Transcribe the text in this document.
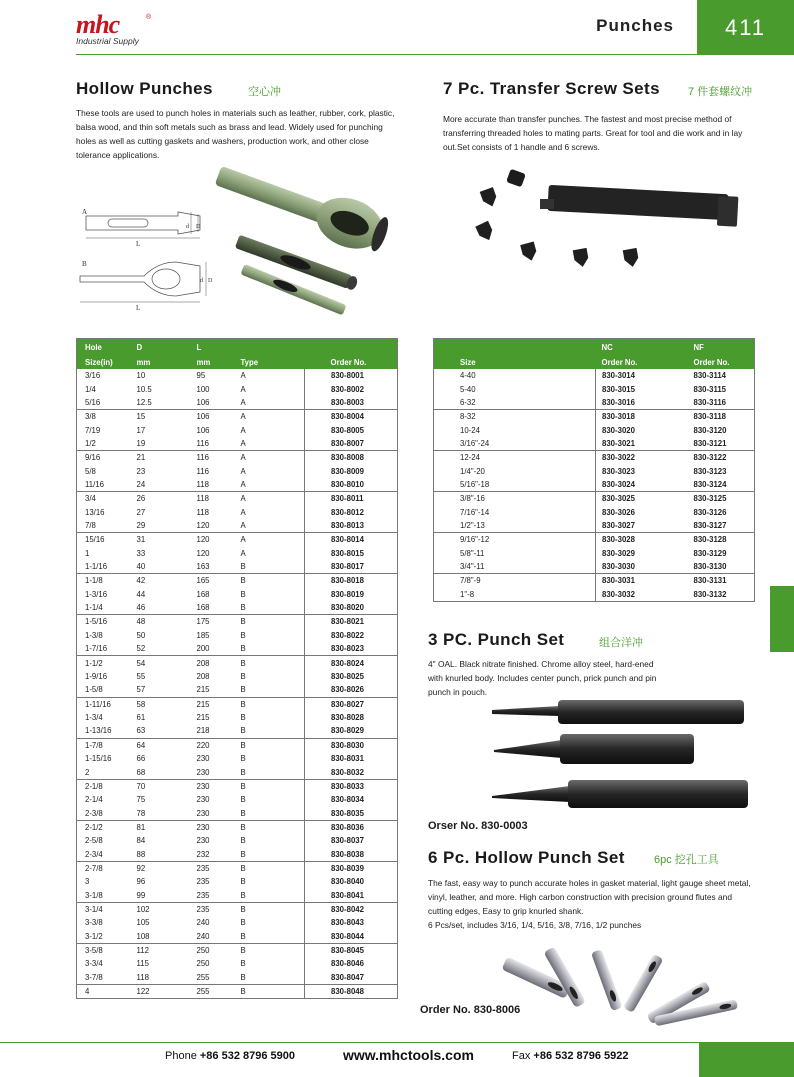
mhc
Industrial Supply
®	Punches	411
Hollow Punches	空心冲

These tools are used to punch holes in materials such as leather, rubber, cork, plastic, balsa wood, and thin soft metals such as brass and lead. Widely used for punching holes as well as cutting gaskets and washers, production work, and other close tolerance applications.

A
L
d D
B
L
D
d
Hole	D	L		
Size(in)	mm	mm	Type	Order No.
3/16	10	95	A	830-8001
1/4	10.5	100	A	830-8002
5/16	12.5	106	A	830-8003
3/8	15	106	A	830-8004
7/19	17	106	A	830-8005
1/2	19	116	A	830-8007
9/16	21	116	A	830-8008
5/8	23	116	A	830-8009
11/16	24	118	A	830-8010
3/4	26	118	A	830-8011
13/16	27	118	A	830-8012
7/8	29	120	A	830-8013
15/16	31	120	A	830-8014
1	33	120	A	830-8015
1-1/16	40	163	B	830-8017
1-1/8	42	165	B	830-8018
1-3/16	44	168	B	830-8019
1-1/4	46	168	B	830-8020
1-5/16	48	175	B	830-8021
1-3/8	50	185	B	830-8022
1-7/16	52	200	B	830-8023
1-1/2	54	208	B	830-8024
1-9/16	55	208	B	830-8025
1-5/8	57	215	B	830-8026
1-11/16	58	215	B	830-8027
1-3/4	61	215	B	830-8028
1-13/16	63	218	B	830-8029
1-7/8	64	220	B	830-8030
1-15/16	66	230	B	830-8031
2	68	230	B	830-8032
2-1/8	70	230	B	830-8033
2-1/4	75	230	B	830-8034
2-3/8	78	230	B	830-8035
2-1/2	81	230	B	830-8036
2-5/8	84	230	B	830-8037
2-3/4	88	232	B	830-8038
2-7/8	92	235	B	830-8039
3	96	235	B	830-8040
3-1/8	99	235	B	830-8041
3-1/4	102	235	B	830-8042
3-3/8	105	240	B	830-8043
3-1/2	108	240	B	830-8044
3-5/8	112	250	B	830-8045
3-3/4	115	250	B	830-8046
3-7/8	118	255	B	830-8047
4	122	255	B	830-8048
7 Pc. Transfer Screw Sets	7 件套螺纹冲

More accurate than transfer punches. The fastest and most precise method of transferring threaded holes to mating parts. Great for tool and die work and in lay out.Set consists of 1 handle and 6 screws.

	NC	NF
Size	Order No.	Order No.
4-40	830-3014	830-3114
5-40	830-3015	830-3115
6-32	830-3016	830-3116
8-32	830-3018	830-3118
10-24	830-3020	830-3120
3/16"-24	830-3021	830-3121
12-24	830-3022	830-3122
1/4"-20	830-3023	830-3123
5/16"-18	830-3024	830-3124
3/8"-16	830-3025	830-3125
7/16"-14	830-3026	830-3126
1/2"-13	830-3027	830-3127
9/16"-12	830-3028	830-3128
5/8"-11	830-3029	830-3129
3/4"-11	830-3030	830-3130
7/8"-9	830-3031	830-3131
1"-8	830-3032	830-3132
3 PC. Punch Set	组合洋冲

4" OAL. Black nitrate finished. Chrome alloy steel, hard-ened with knurled body. Includes center punch, prick punch and pin punch in pouch.

Orser No. 830-0003
6 Pc. Hollow Punch Set	6pc 挖孔工具

The fast, easy way to punch accurate holes in gasket material, light gauge sheet metal, vinyl, leather, and more. High carbon construction with precision ground flutes and cutting edges, Easy to grip knurled shank.

6 Pcs/set, includes 3/16, 1/4, 5/16, 3/8, 7/16, 1/2 punches

Order No. 830-8006
Phone +86 532 8796 5900	www.mhctools.com	Fax +86 532 8796 5922
